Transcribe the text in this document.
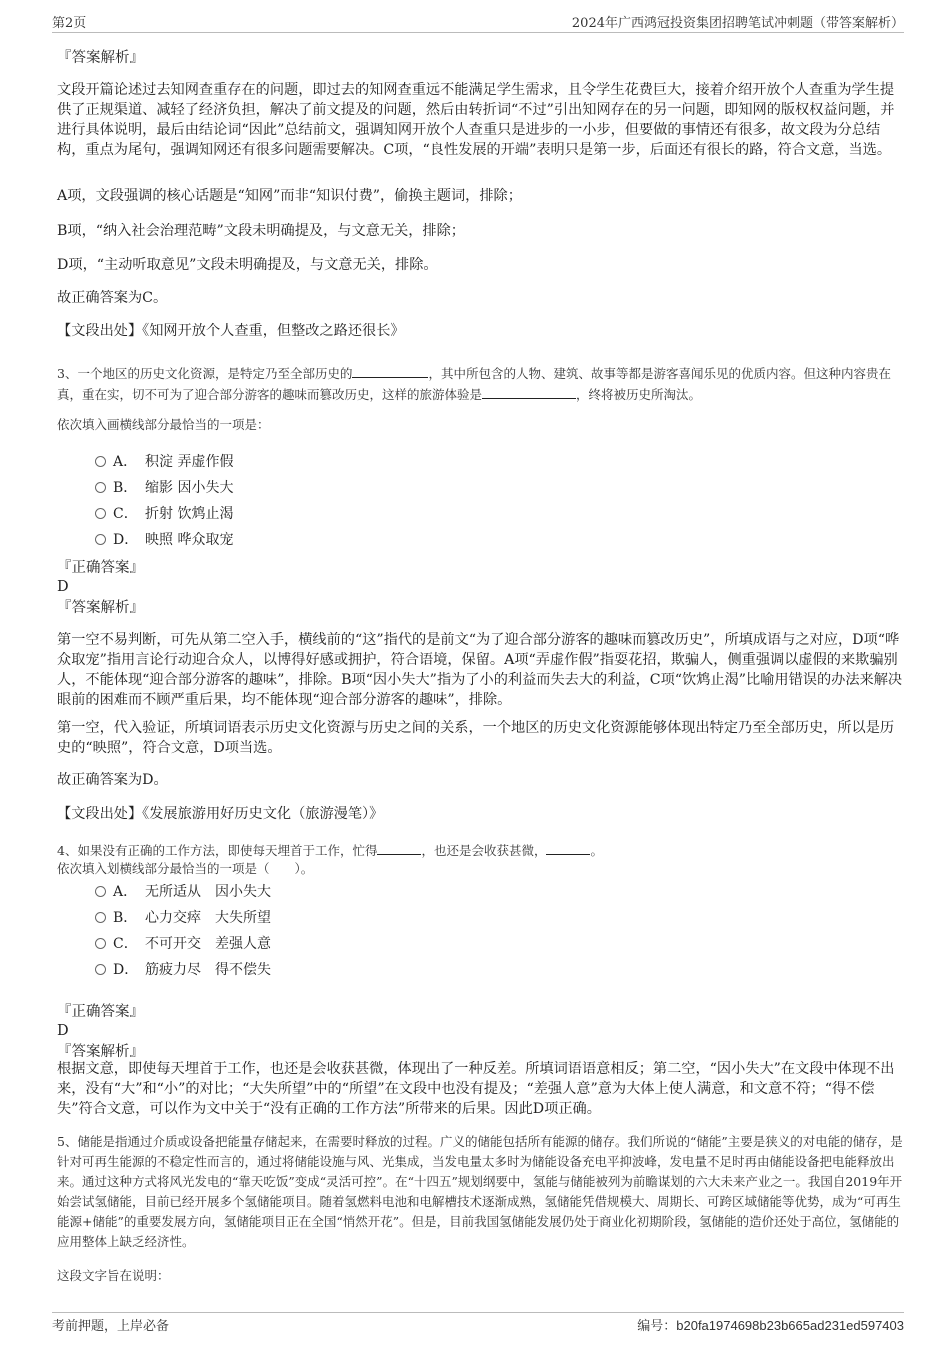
第2页	2024年广西鸿冠投资集团招聘笔试冲刺题（带答案解析）
『答案解析』
文段开篇论述过去知网查重存在的问题，即过去的知网查重远不能满足学生需求，且令学生花费巨大，接着介绍开放个人查重为学生提供了正规渠道、减轻了经济负担，解决了前文提及的问题，然后由转折词“不过”引出知网存在的另一问题，即知网的版权权益问题，并进行具体说明，最后由结论词“因此”总结前文，强调知网开放个人查重只是进步的一小步，但要做的事情还有很多，故文段为分总结构，重点为尾句，强调知网还有很多问题需要解决。C项，“良性发展的开端”表明只是第一步，后面还有很长的路，符合文意，当选。
A项，文段强调的核心话题是“知网”而非“知识付费”，偷换主题词，排除；
B项，“纳入社会治理范畴”文段未明确提及，与文意无关，排除；
D项，“主动听取意见”文段未明确提及，与文意无关，排除。
故正确答案为C。
【文段出处】《知网开放个人查重，但整改之路还很长》
3、一个地区的历史文化资源，是特定乃至全部历史的	，其中所包含的人物、建筑、故事等都是游客喜闻乐见的优质内容。但这种内容贵在真，重在实，切不可为了迎合部分游客的趣味而篡改历史，这样的旅游体验是	，终将被历史所淘汰。
依次填入画横线部分最恰当的一项是：
A． 积淀 弄虚作假
B． 缩影 因小失大
C． 折射 饮鸩止渴
D． 映照 哗众取宠
『正确答案』
D
『答案解析』
第一空不易判断，可先从第二空入手，横线前的“这”指代的是前文“为了迎合部分游客的趣味而篡改历史”，所填成语与之对应，D项“哗众取宠”指用言论行动迎合众人，以博得好感或拥护，符合语境，保留。A项“弄虚作假”指耍花招，欺骗人，侧重强调以虚假的来欺骗别人，不能体现“迎合部分游客的趣味”，排除。B项“因小失大”指为了小的利益而失去大的利益，C项“饮鸩止渴”比喻用错误的办法来解决眼前的困难而不顾严重后果，均不能体现“迎合部分游客的趣味”，排除。
第一空，代入验证，所填词语表示历史文化资源与历史之间的关系，一个地区的历史文化资源能够体现出特定乃至全部历史，所以是历史的“映照”，符合文意，D项当选。
故正确答案为D。
【文段出处】《发展旅游用好历史文化（旅游漫笔）》
4、如果没有正确的工作方法，即使每天埋首于工作，忙得	，也还是会收获甚微，	。
依次填入划横线部分最恰当的一项是（　　）。
A． 无所适从　因小失大
B． 心力交瘁　大失所望
C． 不可开交　差强人意
D． 筋疲力尽　得不偿失
『正确答案』
D
『答案解析』
根据文意，即使每天埋首于工作，也还是会收获甚微，体现出了一种反差。所填词语语意相反；第二空，“因小失大”在文段中体现不出来，没有“大”和“小”的对比；“大失所望”中的“所望”在文段中也没有提及；“差强人意”意为大体上使人满意，和文意不符；“得不偿失”符合文意，可以作为文中关于“没有正确的工作方法”所带来的后果。因此D项正确。
5、储能是指通过介质或设备把能量存储起来，在需要时释放的过程。广义的储能包括所有能源的储存。我们所说的“储能”主要是狭义的对电能的储存，是针对可再生能源的不稳定性而言的，通过将储能设施与风、光集成，当发电量太多时为储能设备充电平抑波峰，发电量不足时再由储能设备把电能释放出来。通过这种方式将风光发电的“靠天吃饭”变成“灵活可控”。在“十四五”规划纲要中，氢能与储能被列为前瞻谋划的六大未来产业之一。我国自2019年开始尝试氢储能，目前已经开展多个氢储能项目。随着氢燃料电池和电解槽技术逐渐成熟，氢储能凭借规模大、周期长、可跨区域储能等优势，成为“可再生能源+储能”的重要发展方向，氢储能项目正在全国“悄然开花”。但是，目前我国氢储能发展仍处于商业化初期阶段，氢储能的造价还处于高位，氢储能的应用整体上缺乏经济性。
这段文字旨在说明：
考前押题，上岸必备	编号：b20fa1974698b23b665ad231ed597403
